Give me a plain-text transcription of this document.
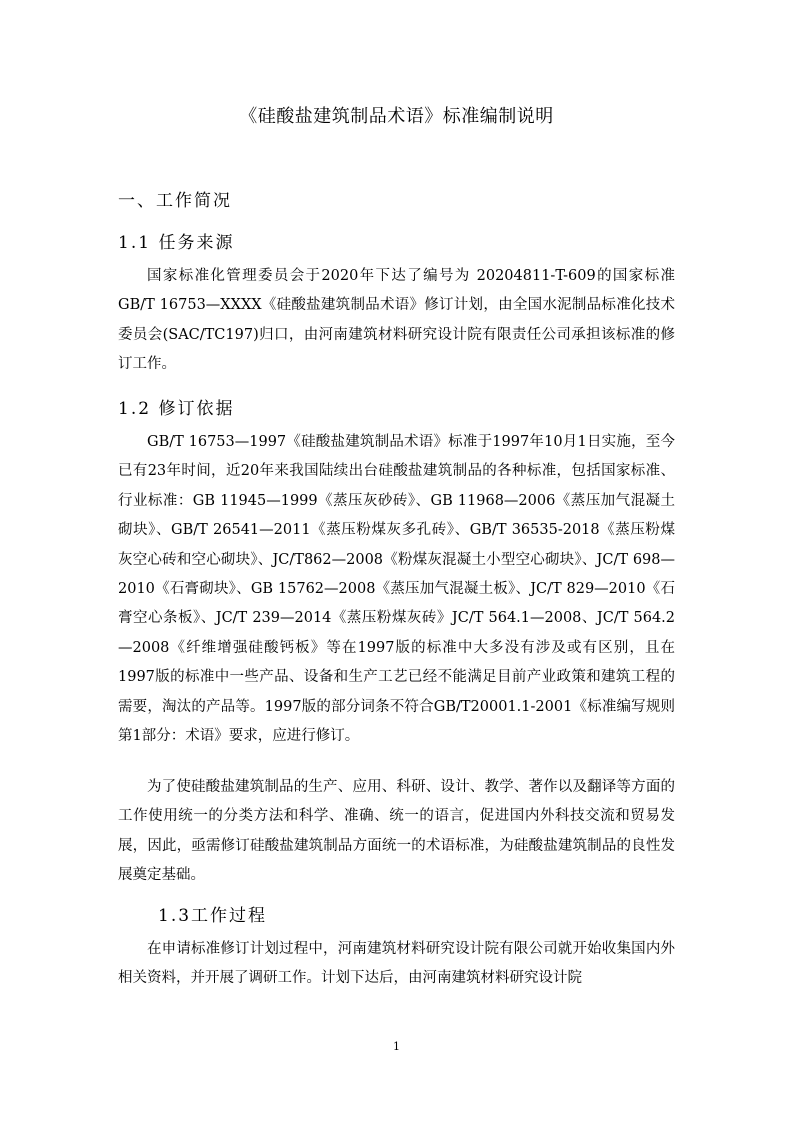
《硅酸盐建筑制品术语》标准编制说明
一、工作简况
1.1 任务来源

国家标准化管理委员会于2020年下达了编号为 20204811-T-609的国家标准GB/T 16753—XXXX《硅酸盐建筑制品术语》修订计划，由全国水泥制品标准化技术委员会(SAC/TC197)归口，由河南建筑材料研究设计院有限责任公司承担该标准的修订工作。

1.2 修订依据

GB/T 16753—1997《硅酸盐建筑制品术语》标准于1997年10月1日实施，至今已有23年时间，近20年来我国陆续出台硅酸盐建筑制品的各种标准，包括国家标准、行业标准：GB 11945—1999《蒸压灰砂砖》、GB 11968—2006《蒸压加气混凝土砌块》、GB/T 26541—2011《蒸压粉煤灰多孔砖》、GB/T 36535-2018《蒸压粉煤灰空心砖和空心砌块》、JC/T862—2008《粉煤灰混凝土小型空心砌块》、JC/T 698—2010《石膏砌块》、GB 15762—2008《蒸压加气混凝土板》、JC/T 829—2010《石膏空心条板》、JC/T 239—2014《蒸压粉煤灰砖》JC/T 564.1—2008、JC/T 564.2—2008《纤维增强硅酸钙板》等在1997版的标准中大多没有涉及或有区别，且在1997版的标准中一些产品、设备和生产工艺已经不能满足目前产业政策和建筑工程的需要，淘汰的产品等。1997版的部分词条不符合GB/T20001.1-2001《标准编写规则 第1部分：术语》要求，应进行修订。

为了使硅酸盐建筑制品的生产、应用、科研、设计、教学、著作以及翻译等方面的工作使用统一的分类方法和科学、准确、统一的语言，促进国内外科技交流和贸易发展，因此，亟需修订硅酸盐建筑制品方面统一的术语标准，为硅酸盐建筑制品的良性发展奠定基础。

1.3工作过程

在申请标准修订计划过程中，河南建筑材料研究设计院有限公司就开始收集国内外相关资料，并开展了调研工作。计划下达后，由河南建筑材料研究设计院

1
